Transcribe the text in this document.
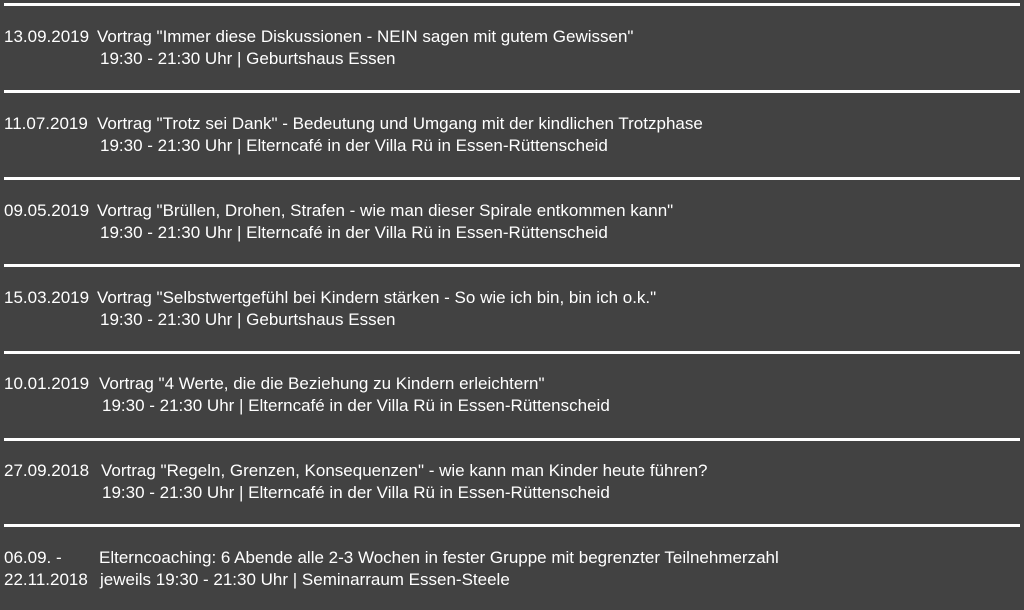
13.09.2019 Vortrag "Immer diese Diskussionen - NEIN sagen mit gutem Gewissen"
19:30 - 21:30 Uhr | Geburtshaus Essen
11.07.2019 Vortrag "Trotz sei Dank" - Bedeutung und Umgang mit der kindlichen Trotzphase
19:30 - 21:30 Uhr | Elterncafé in der Villa Rü in Essen-Rüttenscheid
09.05.2019 Vortrag "Brüllen, Drohen, Strafen - wie man dieser Spirale entkommen kann"
19:30 - 21:30 Uhr | Elterncafé in der Villa Rü in Essen-Rüttenscheid
15.03.2019 Vortrag "Selbstwertgefühl bei Kindern stärken - So wie ich bin, bin ich o.k."
19:30 - 21:30 Uhr | Geburtshaus Essen
10.01.2019 Vortrag "4 Werte, die die Beziehung zu Kindern erleichtern"
19:30 - 21:30 Uhr | Elterncafé in der Villa Rü in Essen-Rüttenscheid
27.09.2018 Vortrag "Regeln, Grenzen, Konsequenzen" - wie kann man Kinder heute führen?
19:30 - 21:30 Uhr | Elterncafé in der Villa Rü in Essen-Rüttenscheid
06.09. -
22.11.2018
Elterncoaching: 6 Abende alle 2-3 Wochen in fester Gruppe mit begrenzter Teilnehmerzahl
jeweils 19:30 - 21:30 Uhr | Seminarraum Essen-Steele
